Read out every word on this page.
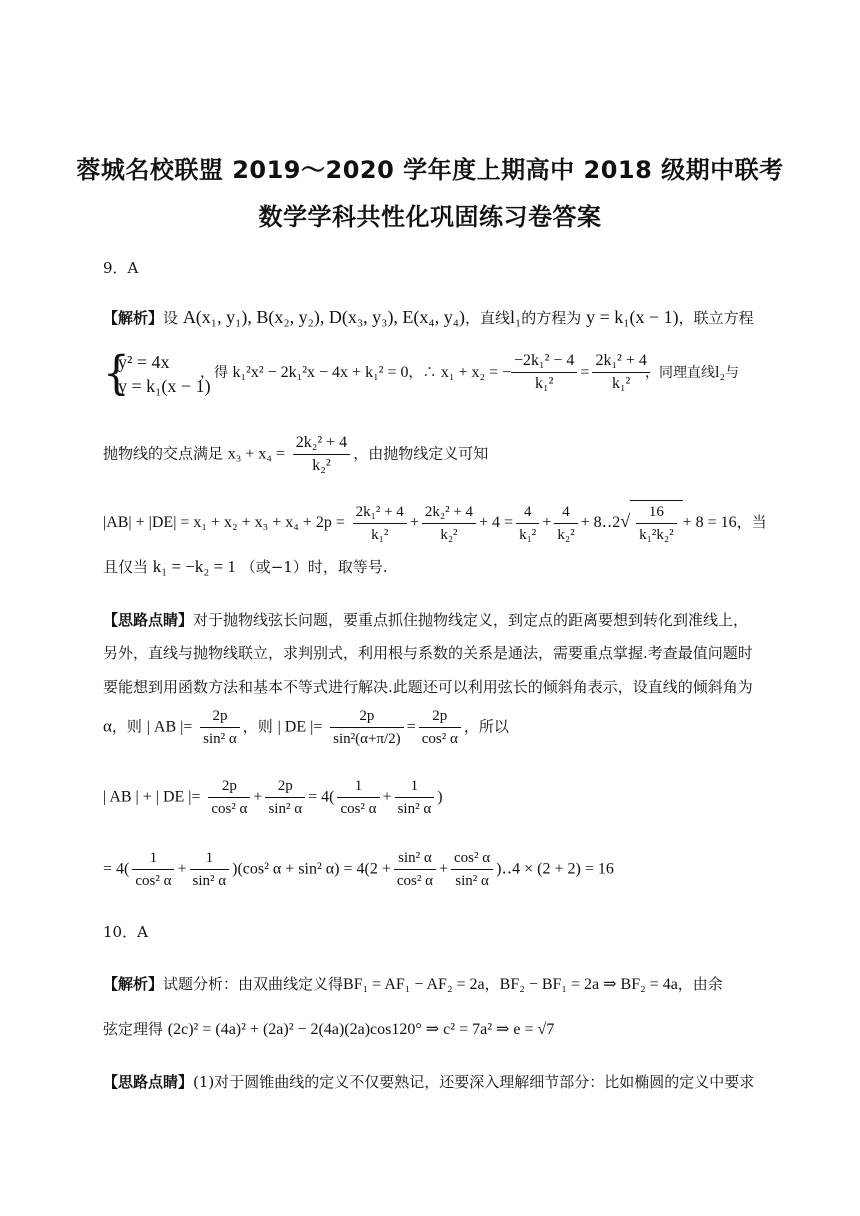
蓉城名校联盟 2019～2020 学年度上期高中 2018 级期中联考
数学学科共性化巩固练习卷答案
9．A
【解析】设 A(x₁, y₁), B(x₂, y₂), D(x₃, y₃), E(x₄, y₄)，直线l₁的方程为 y = k₁(x − 1)，联立方程
{
y² = 4x
y = k₁(x − 1)
，得 k₁²x² − 2k₁²x − 4x + k₁² = 0，∴ x₁ + x₂ = − $\frac{\text{−2k₁² − 4}}{\text{k₁²}} = \frac{\text{2k₁² + 4}}{\text{k₁²}}$
，同理直线l₂与
抛物线的交点满足 $x_3 + x_4 = \frac{\text{2k₂² + 4}}{\text{k₂²}}$ ，由抛物线定义可知
$|AB| + |DE| = x_1 + x_2 + x_3 + x_4 + 2p = \frac{\text{2k₁² + 4}}{\text{k₁²}} + \frac{\text{2k₂² + 4}}{\text{k₂²}} + 4 = \frac{4}{\text{k₁²}} + \frac{4}{\text{k₂²}}$ + 8‥2√ $\frac{16}{\text{k₁²k₂²}} + 8 = 16$，当
且仅当 k₁ = −k₂ = 1 （或−1）时，取等号.
【思路点睛】对于抛物线弦长问题，要重点抓住抛物线定义，到定点的距离要想到转化到准线上，
另外，直线与抛物线联立，求判别式，利用根与系数的关系是通法，需要重点掌握.考查最值问题时
要能想到用函数方法和基本不等式进行解决.此题还可以利用弦长的倾斜角表示，设直线的倾斜角为
α，则 | AB |= $\frac{2p}{\text{sin² α}}$ ，则 | DE |= $\frac{2p}{\text{sin²(α+π/2)}} = \frac{2p}{\text{cos² α}}$ ，所以
| AB | + | DE |= $\frac{2p}{\text{cos² α}} + \frac{2p}{\text{sin² α}} = 4( \frac{1}{\text{cos² α}} + \frac{1}{\text{sin² α}}$ )
= $4( \frac{1}{\text{cos² α}} + \frac{1}{\text{sin² α}} )(\cos^2$ α + sin² $\alpha) = 4(2 + \frac{\text{sin² α}}{\text{cos² α}} + \frac{\text{cos² α}}{\text{sin² α}}$ )‥4 × (2 + 2) = 16
10．A
【解析】试题分析：由双曲线定义得BF₁ = AF₁ − AF₂ = 2a，BF₂ − BF₁ = 2a ⇒ BF₂ = 4a，由余
弦定理得 (2c)² = (4a)² + (2a)² − 2(4a)(2a)cos120° ⇒ c² = 7a² ⇒ e = √7
【思路点睛】(1)对于圆锥曲线的定义不仅要熟记，还要深入理解细节部分：比如椭圆的定义中要求
